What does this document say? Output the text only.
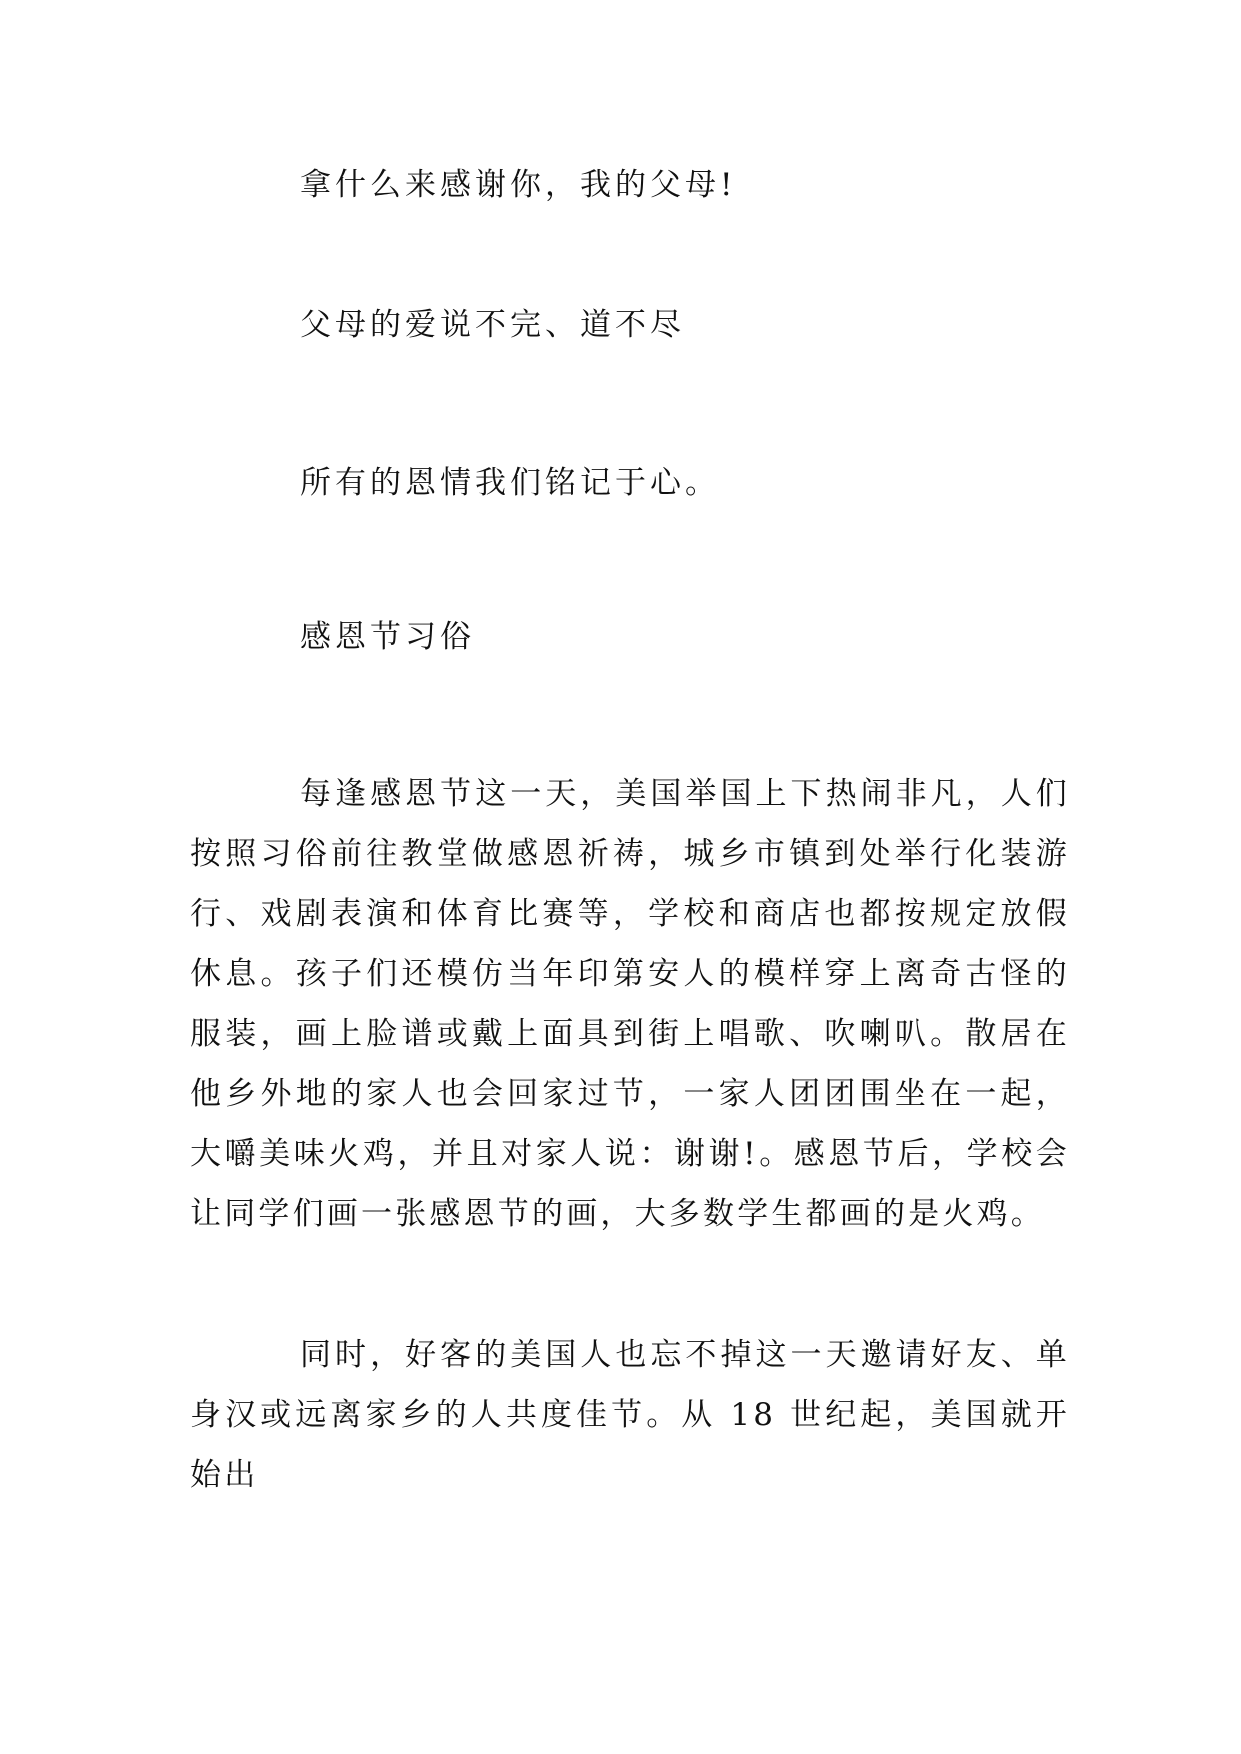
拿什么来感谢你，我的父母!

父母的爱说不完、道不尽

所有的恩情我们铭记于心。

感恩节习俗

每逢感恩节这一天，美国举国上下热闹非凡，人们按照习俗前往教堂做感恩祈祷，城乡市镇到处举行化装游行、戏剧表演和体育比赛等，学校和商店也都按规定放假休息。孩子们还模仿当年印第安人的模样穿上离奇古怪的服装，画上脸谱或戴上面具到街上唱歌、吹喇叭。散居在他乡外地的家人也会回家过节，一家人团团围坐在一起，大嚼美味火鸡，并且对家人说：谢谢!。感恩节后，学校会让同学们画一张感恩节的画，大多数学生都画的是火鸡。

同时，好客的美国人也忘不掉这一天邀请好友、单身汉或远离家乡的人共度佳节。从 18 世纪起，美国就开始出
